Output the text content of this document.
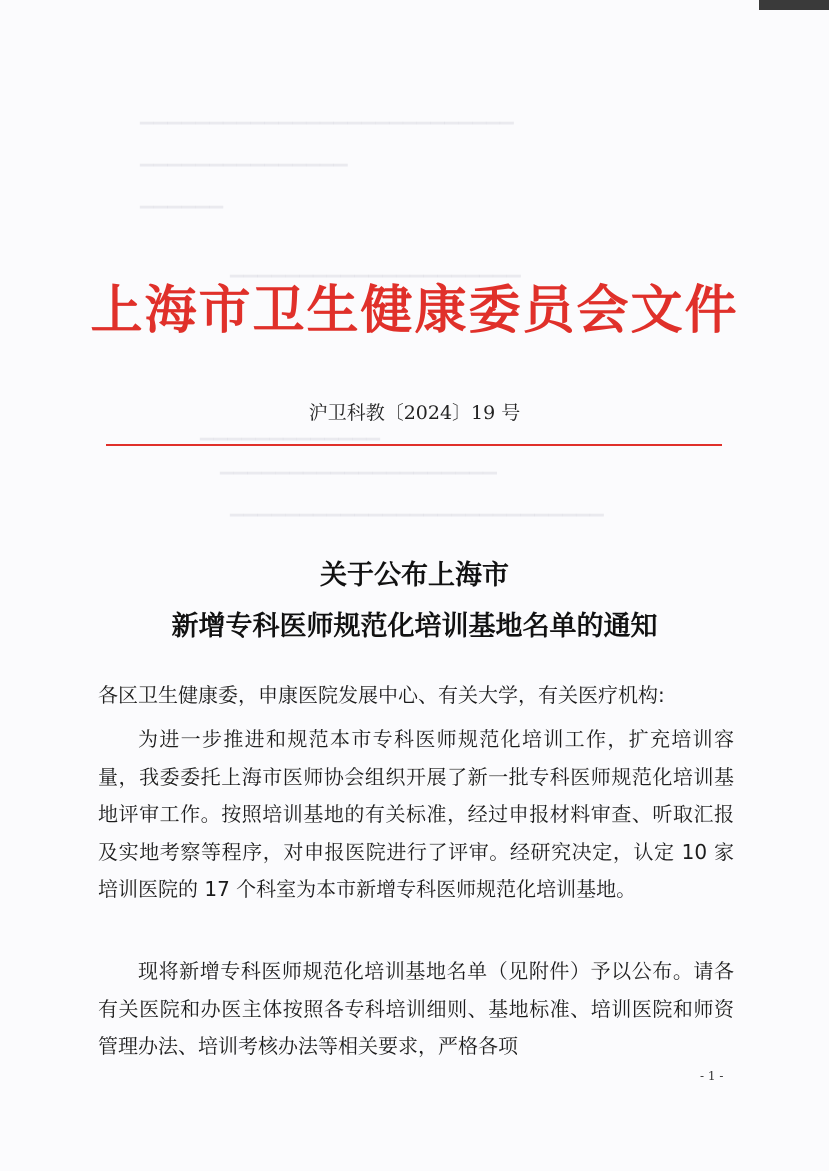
▁▁▁▁▁▁▁▁▁▁▁▁▁▁▁▁▁▁▁▁▁▁▁▁▁▁▁
▁▁▁▁▁▁▁▁▁▁▁▁▁▁▁
▁▁▁▁▁▁
▁▁▁▁▁▁▁▁▁▁▁▁▁▁▁▁▁▁▁▁▁
▁▁▁▁▁▁▁▁▁▁▁▁▁
▁▁▁▁▁▁▁▁▁▁▁▁▁▁▁▁▁▁▁▁
▁▁▁▁▁▁▁▁▁▁▁▁▁▁▁▁▁▁▁▁▁▁▁▁▁▁▁
上海市卫生健康委员会文件
沪卫科教〔2024〕19 号
关于公布上海市
新增专科医师规范化培训基地名单的通知
各区卫生健康委，申康医院发展中心、有关大学，有关医疗机构:
为进一步推进和规范本市专科医师规范化培训工作，扩充培训容量，我委委托上海市医师协会组织开展了新一批专科医师规范化培训基地评审工作。按照培训基地的有关标准，经过申报材料审查、听取汇报及实地考察等程序，对申报医院进行了评审。经研究决定，认定 10 家培训医院的 17 个科室为本市新增专科医师规范化培训基地。
现将新增专科医师规范化培训基地名单（见附件）予以公布。请各有关医院和办医主体按照各专科培训细则、基地标准、培训医院和师资管理办法、培训考核办法等相关要求，严格各项
- 1 -
